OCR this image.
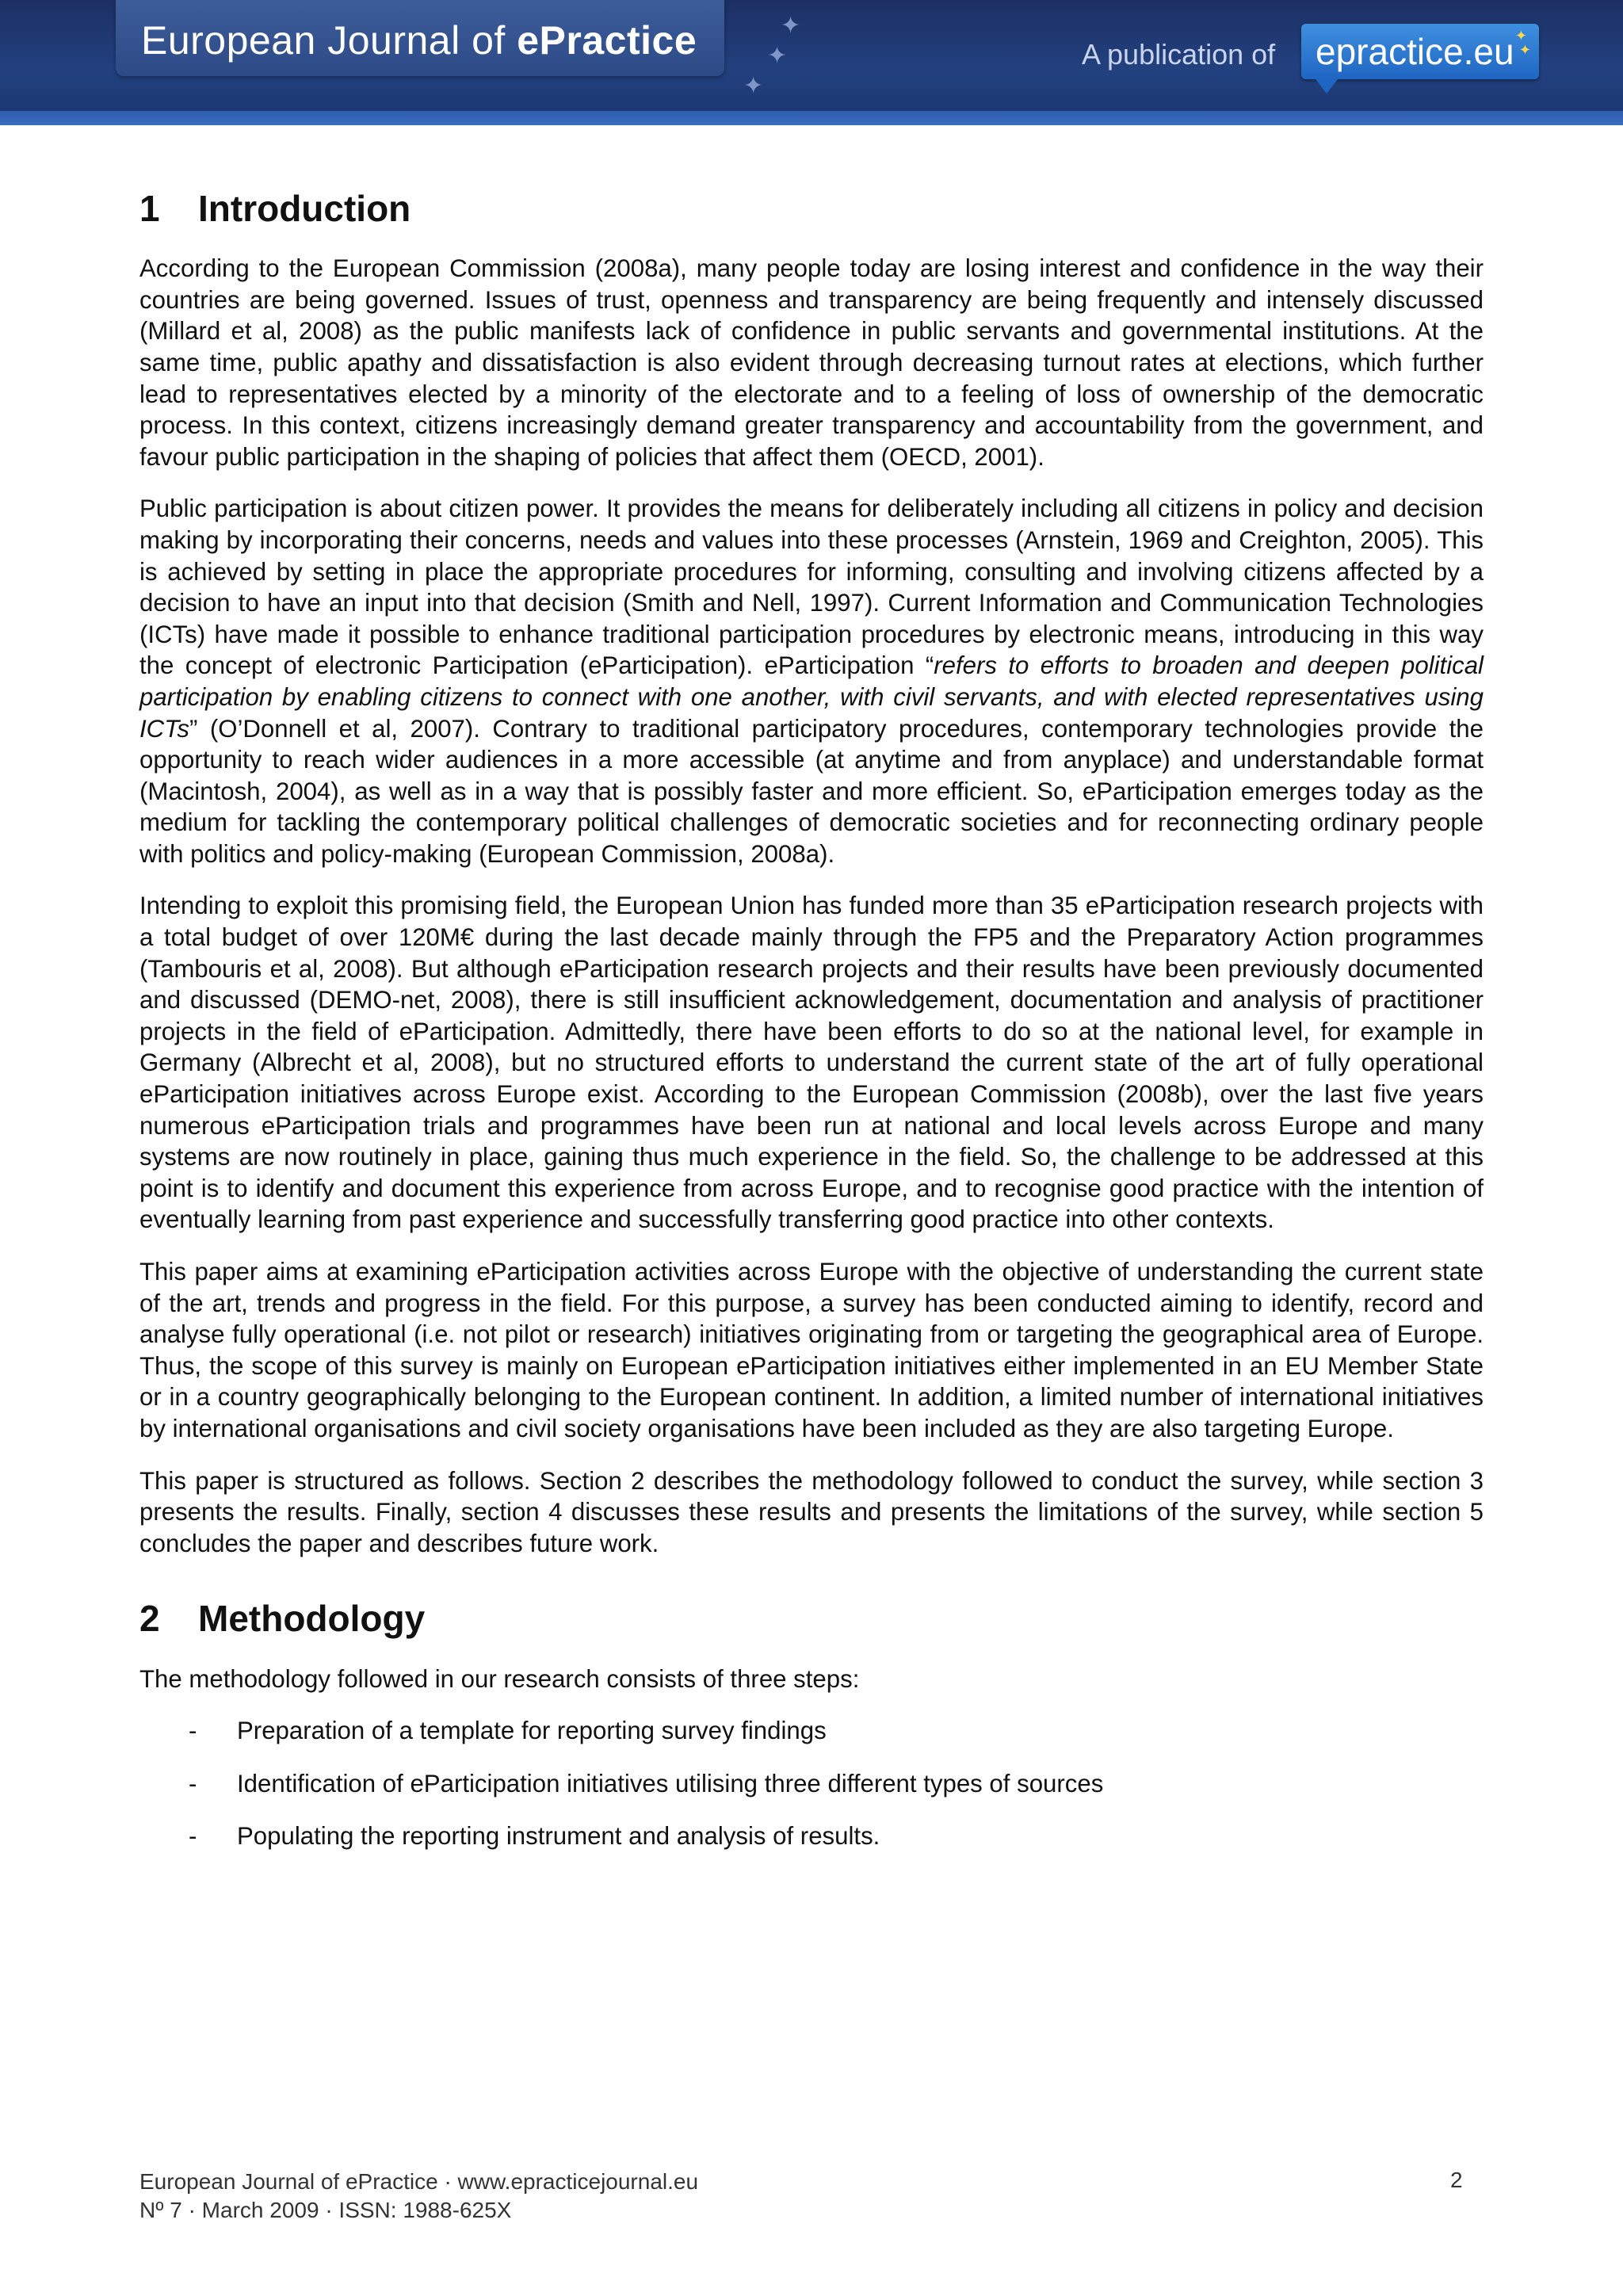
European Journal of ePractice	✦
✦
✦
A publication of epractice.eu ✦
✦
1 Introduction

According to the European Commission (2008a), many people today are losing interest and confidence in the way their countries are being governed. Issues of trust, openness and transparency are being frequently and intensely discussed (Millard et al, 2008) as the public manifests lack of confidence in public servants and governmental institutions. At the same time, public apathy and dissatisfaction is also evident through decreasing turnout rates at elections, which further lead to representatives elected by a minority of the electorate and to a feeling of loss of ownership of the democratic process. In this context, citizens increasingly demand greater transparency and accountability from the government, and favour public participation in the shaping of policies that affect them (OECD, 2001).

Public participation is about citizen power. It provides the means for deliberately including all citizens in policy and decision making by incorporating their concerns, needs and values into these processes (Arnstein, 1969 and Creighton, 2005). This is achieved by setting in place the appropriate procedures for informing, consulting and involving citizens affected by a decision to have an input into that decision (Smith and Nell, 1997). Current Information and Communication Technologies (ICTs) have made it possible to enhance traditional participation procedures by electronic means, introducing in this way the concept of electronic Participation (eParticipation). eParticipation “refers to efforts to broaden and deepen political participation by enabling citizens to connect with one another, with civil servants, and with elected representatives using ICTs” (O’Donnell et al, 2007). Contrary to traditional participatory procedures, contemporary technologies provide the opportunity to reach wider audiences in a more accessible (at anytime and from anyplace) and understandable format (Macintosh, 2004), as well as in a way that is possibly faster and more efficient. So, eParticipation emerges today as the medium for tackling the contemporary political challenges of democratic societies and for reconnecting ordinary people with politics and policy-making (European Commission, 2008a).

Intending to exploit this promising field, the European Union has funded more than 35 eParticipation research projects with a total budget of over 120M€ during the last decade mainly through the FP5 and the Preparatory Action programmes (Tambouris et al, 2008). But although eParticipation research projects and their results have been previously documented and discussed (DEMO-net, 2008), there is still insufficient acknowledgement, documentation and analysis of practitioner projects in the field of eParticipation. Admittedly, there have been efforts to do so at the national level, for example in Germany (Albrecht et al, 2008), but no structured efforts to understand the current state of the art of fully operational eParticipation initiatives across Europe exist. According to the European Commission (2008b), over the last five years numerous eParticipation trials and programmes have been run at national and local levels across Europe and many systems are now routinely in place, gaining thus much experience in the field. So, the challenge to be addressed at this point is to identify and document this experience from across Europe, and to recognise good practice with the intention of eventually learning from past experience and successfully transferring good practice into other contexts.

This paper aims at examining eParticipation activities across Europe with the objective of understanding the current state of the art, trends and progress in the field. For this purpose, a survey has been conducted aiming to identify, record and analyse fully operational (i.e. not pilot or research) initiatives originating from or targeting the geographical area of Europe. Thus, the scope of this survey is mainly on European eParticipation initiatives either implemented in an EU Member State or in a country geographically belonging to the European continent. In addition, a limited number of international initiatives by international organisations and civil society organisations have been included as they are also targeting Europe.

This paper is structured as follows. Section 2 describes the methodology followed to conduct the survey, while section 3 presents the results. Finally, section 4 discusses these results and presents the limitations of the survey, while section 5 concludes the paper and describes future work.

2 Methodology

The methodology followed in our research consists of three steps:

- Preparation of a template for reporting survey findings
- Identification of eParticipation initiatives utilising three different types of sources
- Populating the reporting instrument and analysis of results.
European Journal of ePractice · www.epracticejournal.eu
Nº 7 · March 2009 · ISSN: 1988-625X
2
